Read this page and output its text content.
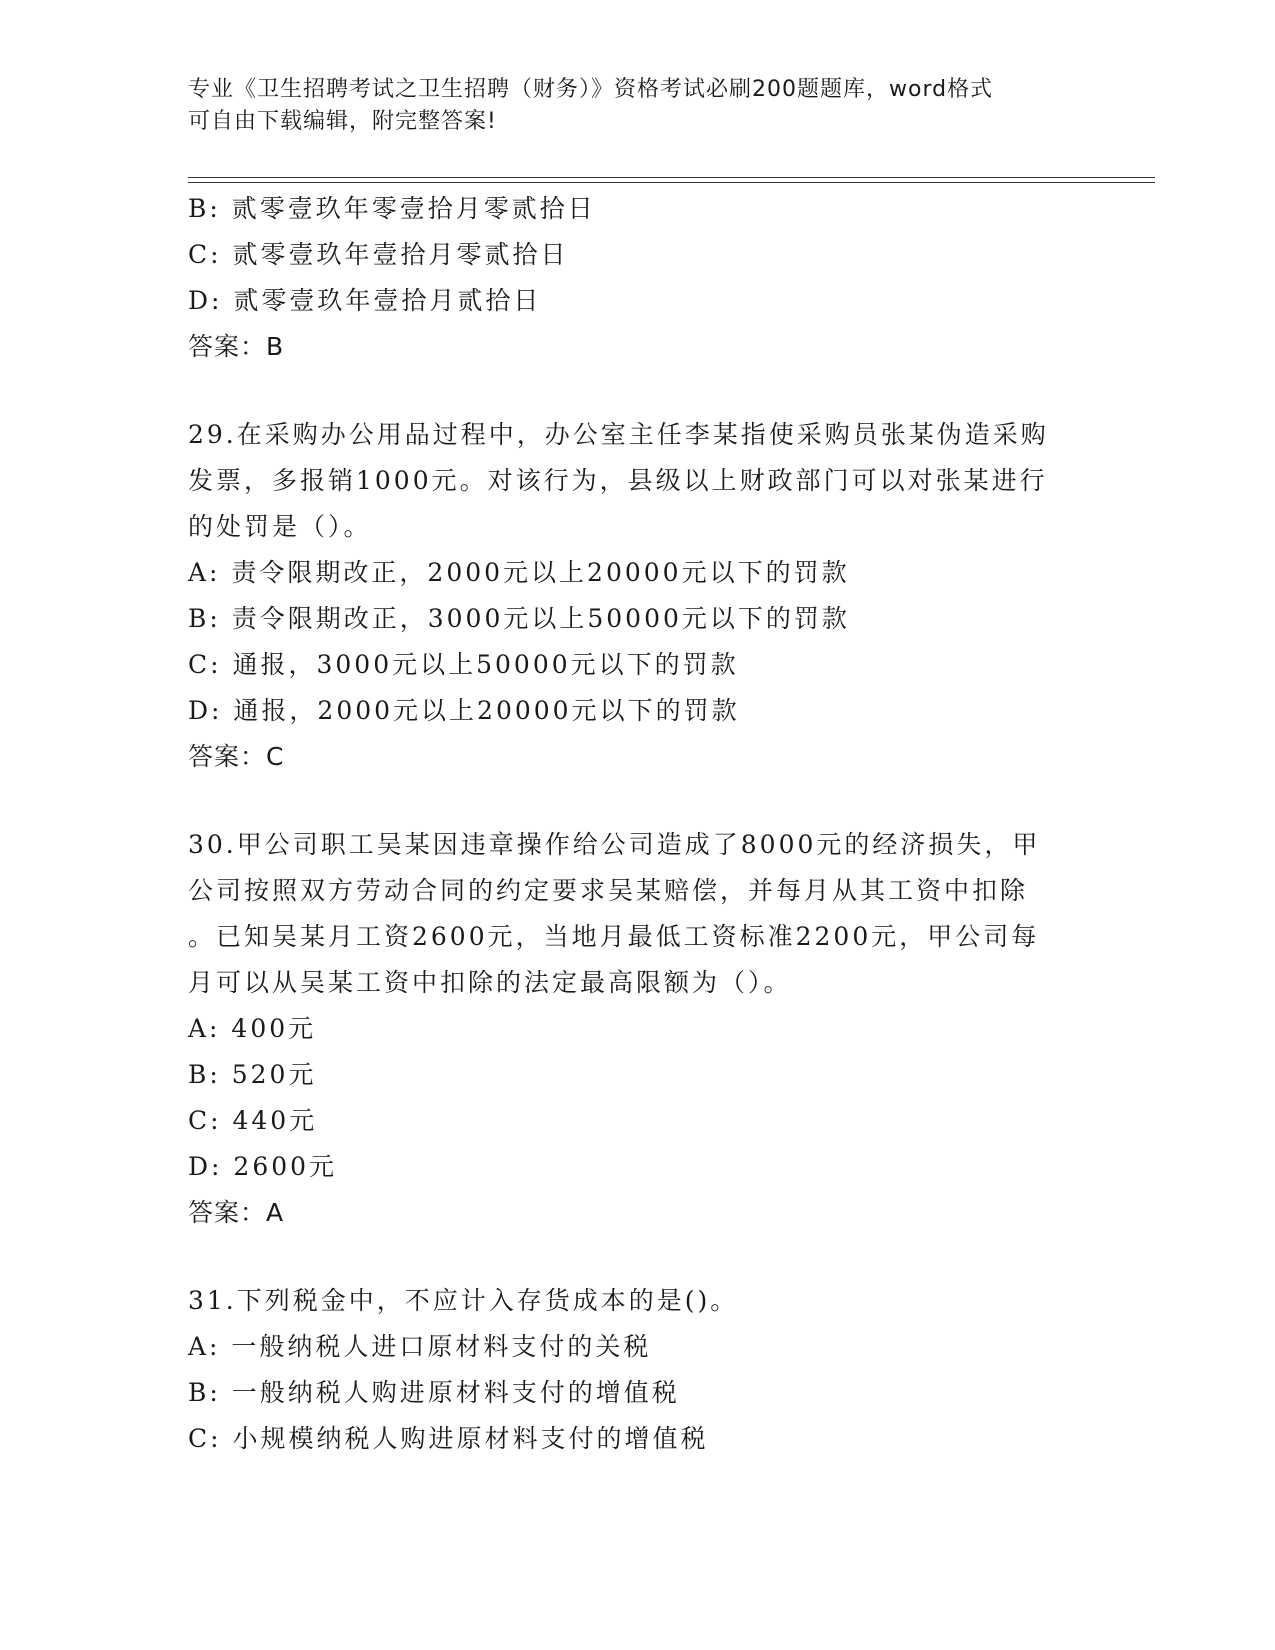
专业《卫生招聘考试之卫生招聘（财务）》资格考试必刷200题题库，word格式
可自由下载编辑，附完整答案!
B: 贰零壹玖年零壹拾月零贰拾日
C: 贰零壹玖年壹拾月零贰拾日
D: 贰零壹玖年壹拾月贰拾日
答案：B
29.在采购办公用品过程中，办公室主任李某指使采购员张某伪造采购
发票，多报销1000元。对该行为，县级以上财政部门可以对张某进行
的处罚是（）。
A: 责令限期改正，2000元以上20000元以下的罚款
B: 责令限期改正，3000元以上50000元以下的罚款
C: 通报，3000元以上50000元以下的罚款
D: 通报，2000元以上20000元以下的罚款
答案：C
30.甲公司职工吴某因违章操作给公司造成了8000元的经济损失，甲
公司按照双方劳动合同的约定要求吴某赔偿，并每月从其工资中扣除
。已知吴某月工资2600元，当地月最低工资标准2200元，甲公司每
月可以从吴某工资中扣除的法定最高限额为（）。
A: 400元
B: 520元
C: 440元
D: 2600元
答案：A
31.下列税金中，不应计入存货成本的是()。
A: 一般纳税人进口原材料支付的关税
B: 一般纳税人购进原材料支付的增值税
C: 小规模纳税人购进原材料支付的增值税
